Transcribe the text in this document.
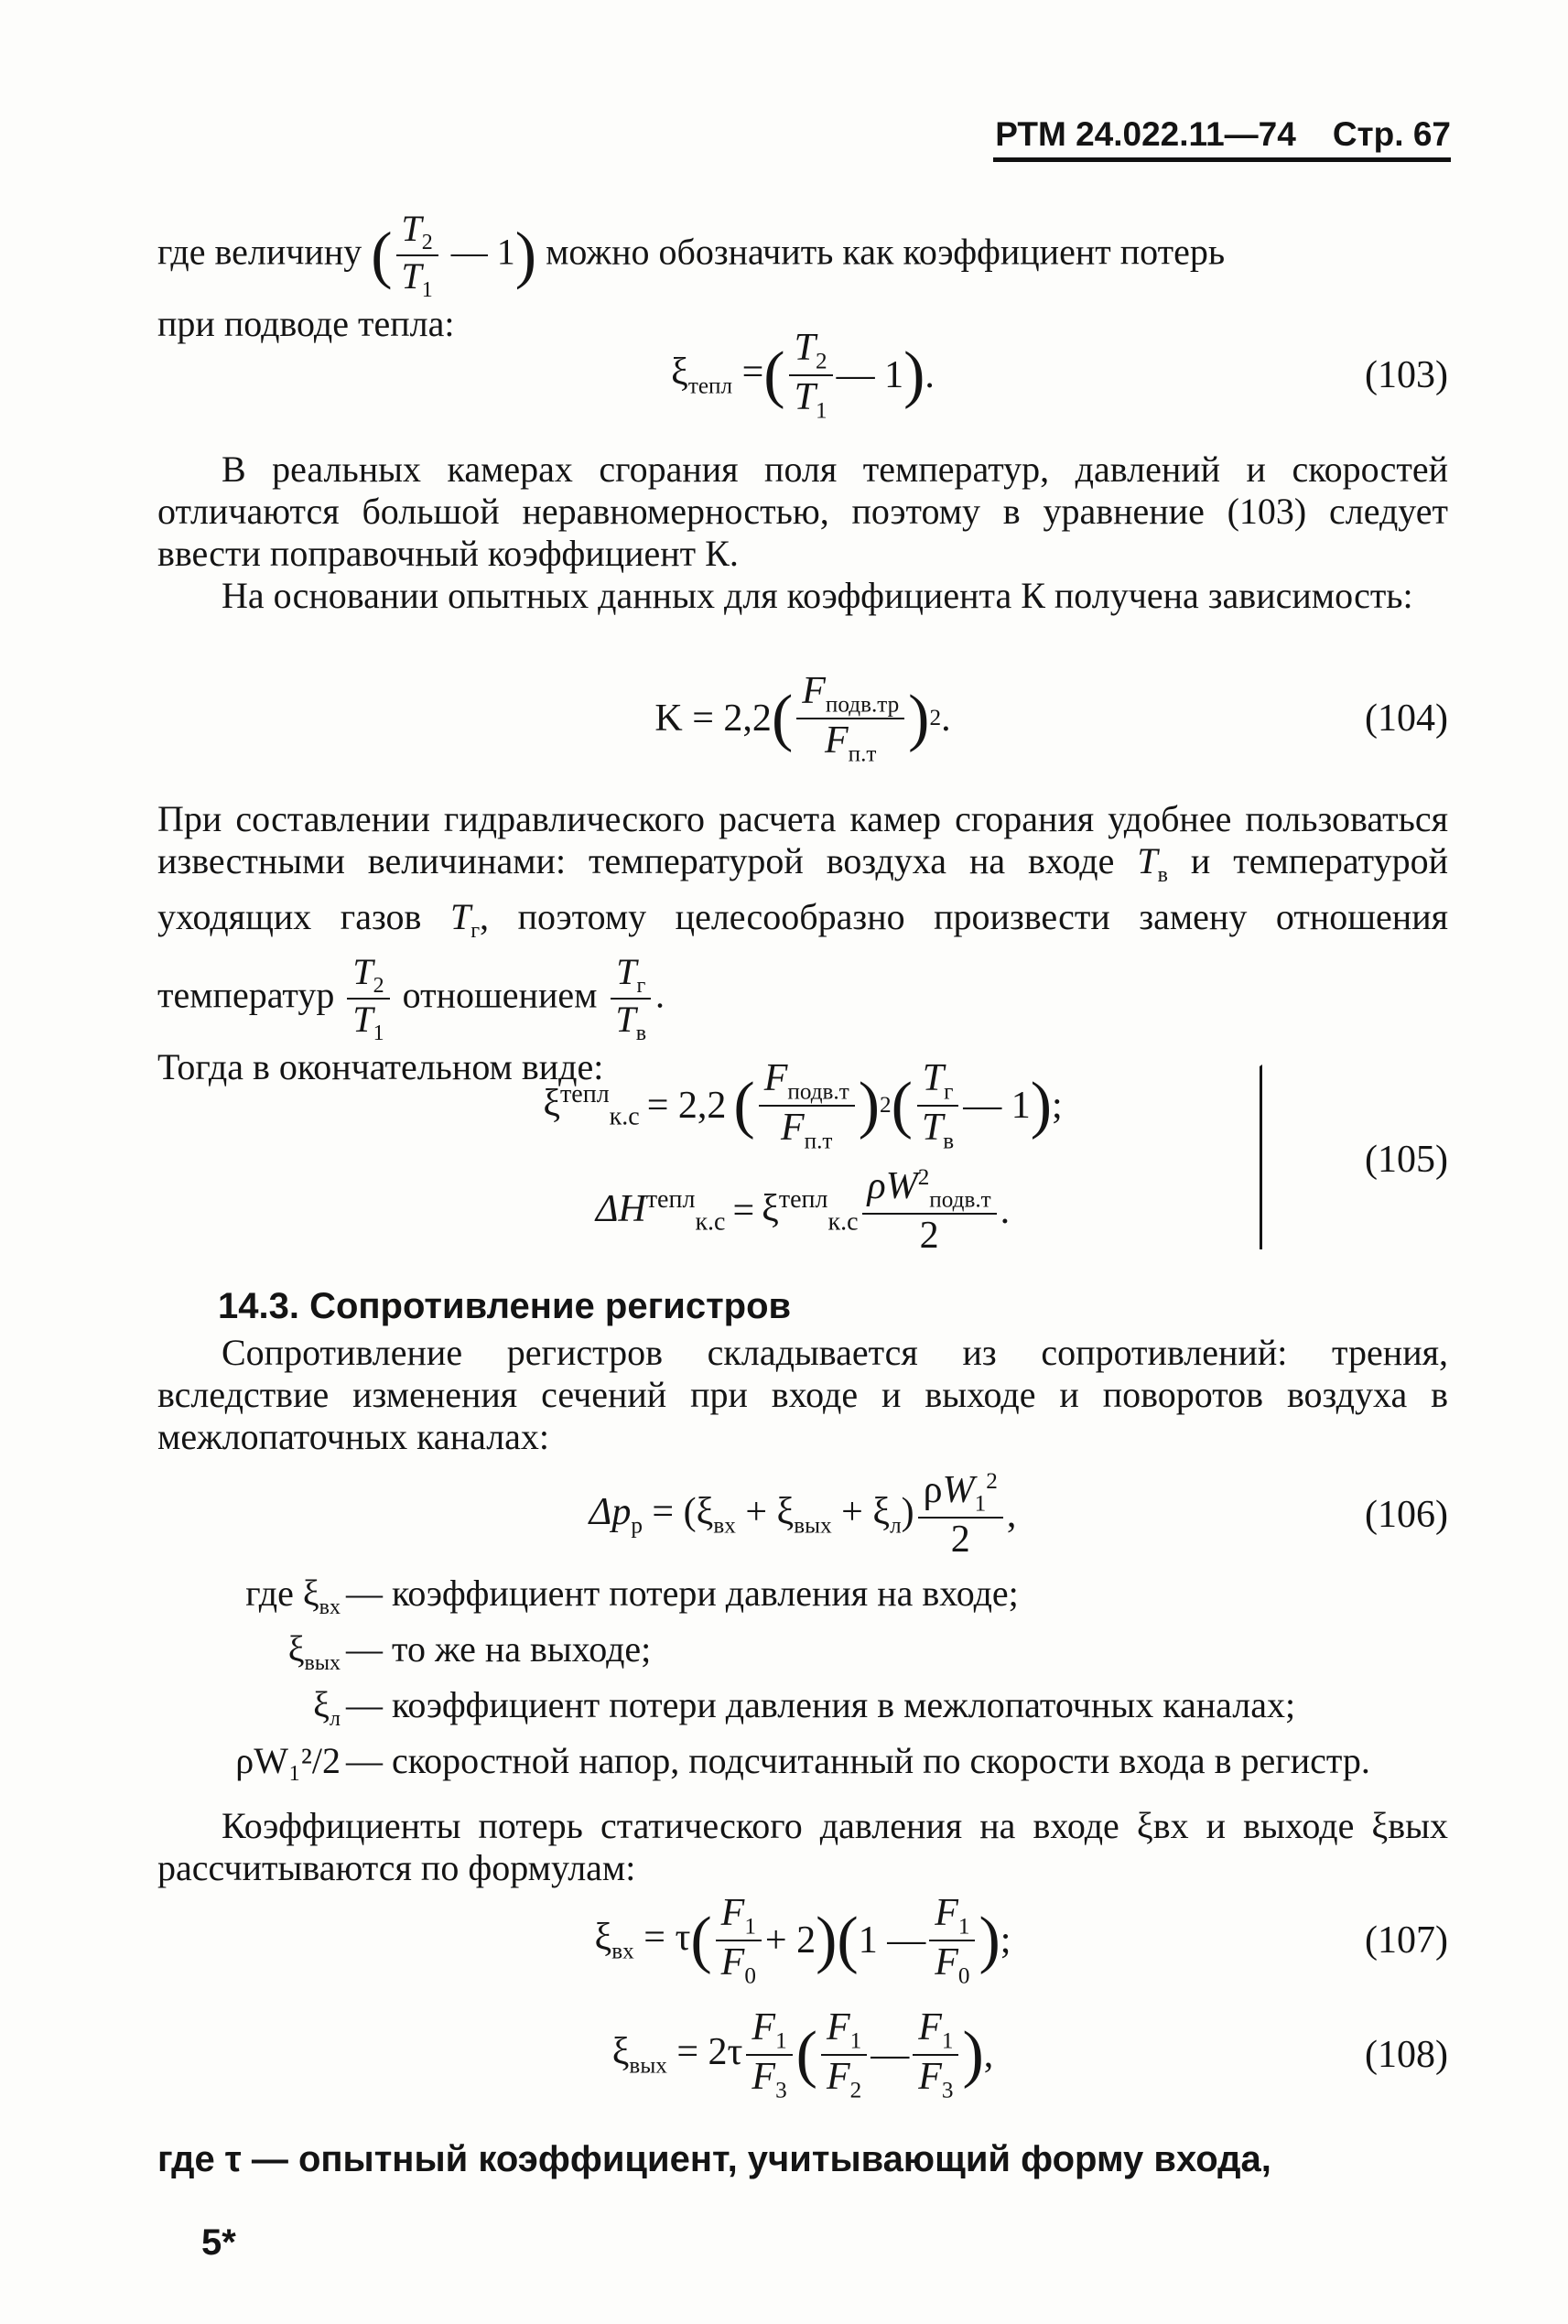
РТМ 24.022.11—74 Стр. 67
где величину ( $\frac{T_2}{T_1}$ — 1) можно обозначить как коэффициент потерь
при подводе тепла:
$\xi_{тепл}$ = ( $\frac{T_2}{T_1}$ — 1 ) .	(103)
В реальных камерах сгорания поля температур, давлений и скоростей отличаются большой неравномерностью, поэтому в уравнение (103) следует ввести поправочный коэффициент К.
На основании опытных данных для коэффициента К получена зависимость:
K = 2,2 ( $\frac{F_{подв.тр}}{F_{п.т}}$ ) 2 .	(104)
При составлении гидравлического расчета камер сгорания удобнее пользоваться известными величинами: температурой воздуха на входе $T_в$ и температурой уходящих газов $T_г$, поэтому целесообразно произвести замену отношения температур $\frac{T_2}{T_1}$ отношением $\frac{T_г}{T_в}$ .
Тогда в окончательном виде:
$\xi^{тепл}_{к.с} = 2,2$ ( $\frac{F_{подв.т}}{F_{п.т}}$ ) 2 ( $\frac{T_г}{T_в}$ — 1 ) ;
$\Delta H^{тепл}_{к.с} = \xi^{тепл}_{к.с} \frac{\rho W^2_{подв.т}}{2}$ .
(105)
14.3. Сопротивление регистров
Сопротивление регистров складывается из сопротивлений: трения, вследствие изменения сечений при входе и выходе и поворотов воздуха в межлопаточных каналах:
$\Delta p_р = (\xi_{вх} + \xi_{вых} + \xi_л) \frac{\rho W_1^2}{2}$ ,	(106)
где $\xi_{вх}$ — коэффициент потери давления на входе;
$\xi_{вых}$ — то же на выходе;
$\xi_л$ — коэффициент потери давления в межлопаточных каналах;
ρW₁²/2 — скоростной напор, подсчитанный по скорости входа в регистр.
Коэффициенты потерь статического давления на входе ξвх и выходе ξвых рассчитываются по формулам:
$\xi_{вх} = \tau$ ( $\frac{F_1}{F_0} + 2$ ) ( 1 — $\frac{F_1}{F_0}$ ) ;	(107)
$\xi_{вых} = 2\tau \frac{F_1}{F_3}$ ( $\frac{F_1}{F_2}$ — $\frac{F_1}{F_3}$ ) ,	(108)
где τ — опытный коэффициент, учитывающий форму входа,
5*
